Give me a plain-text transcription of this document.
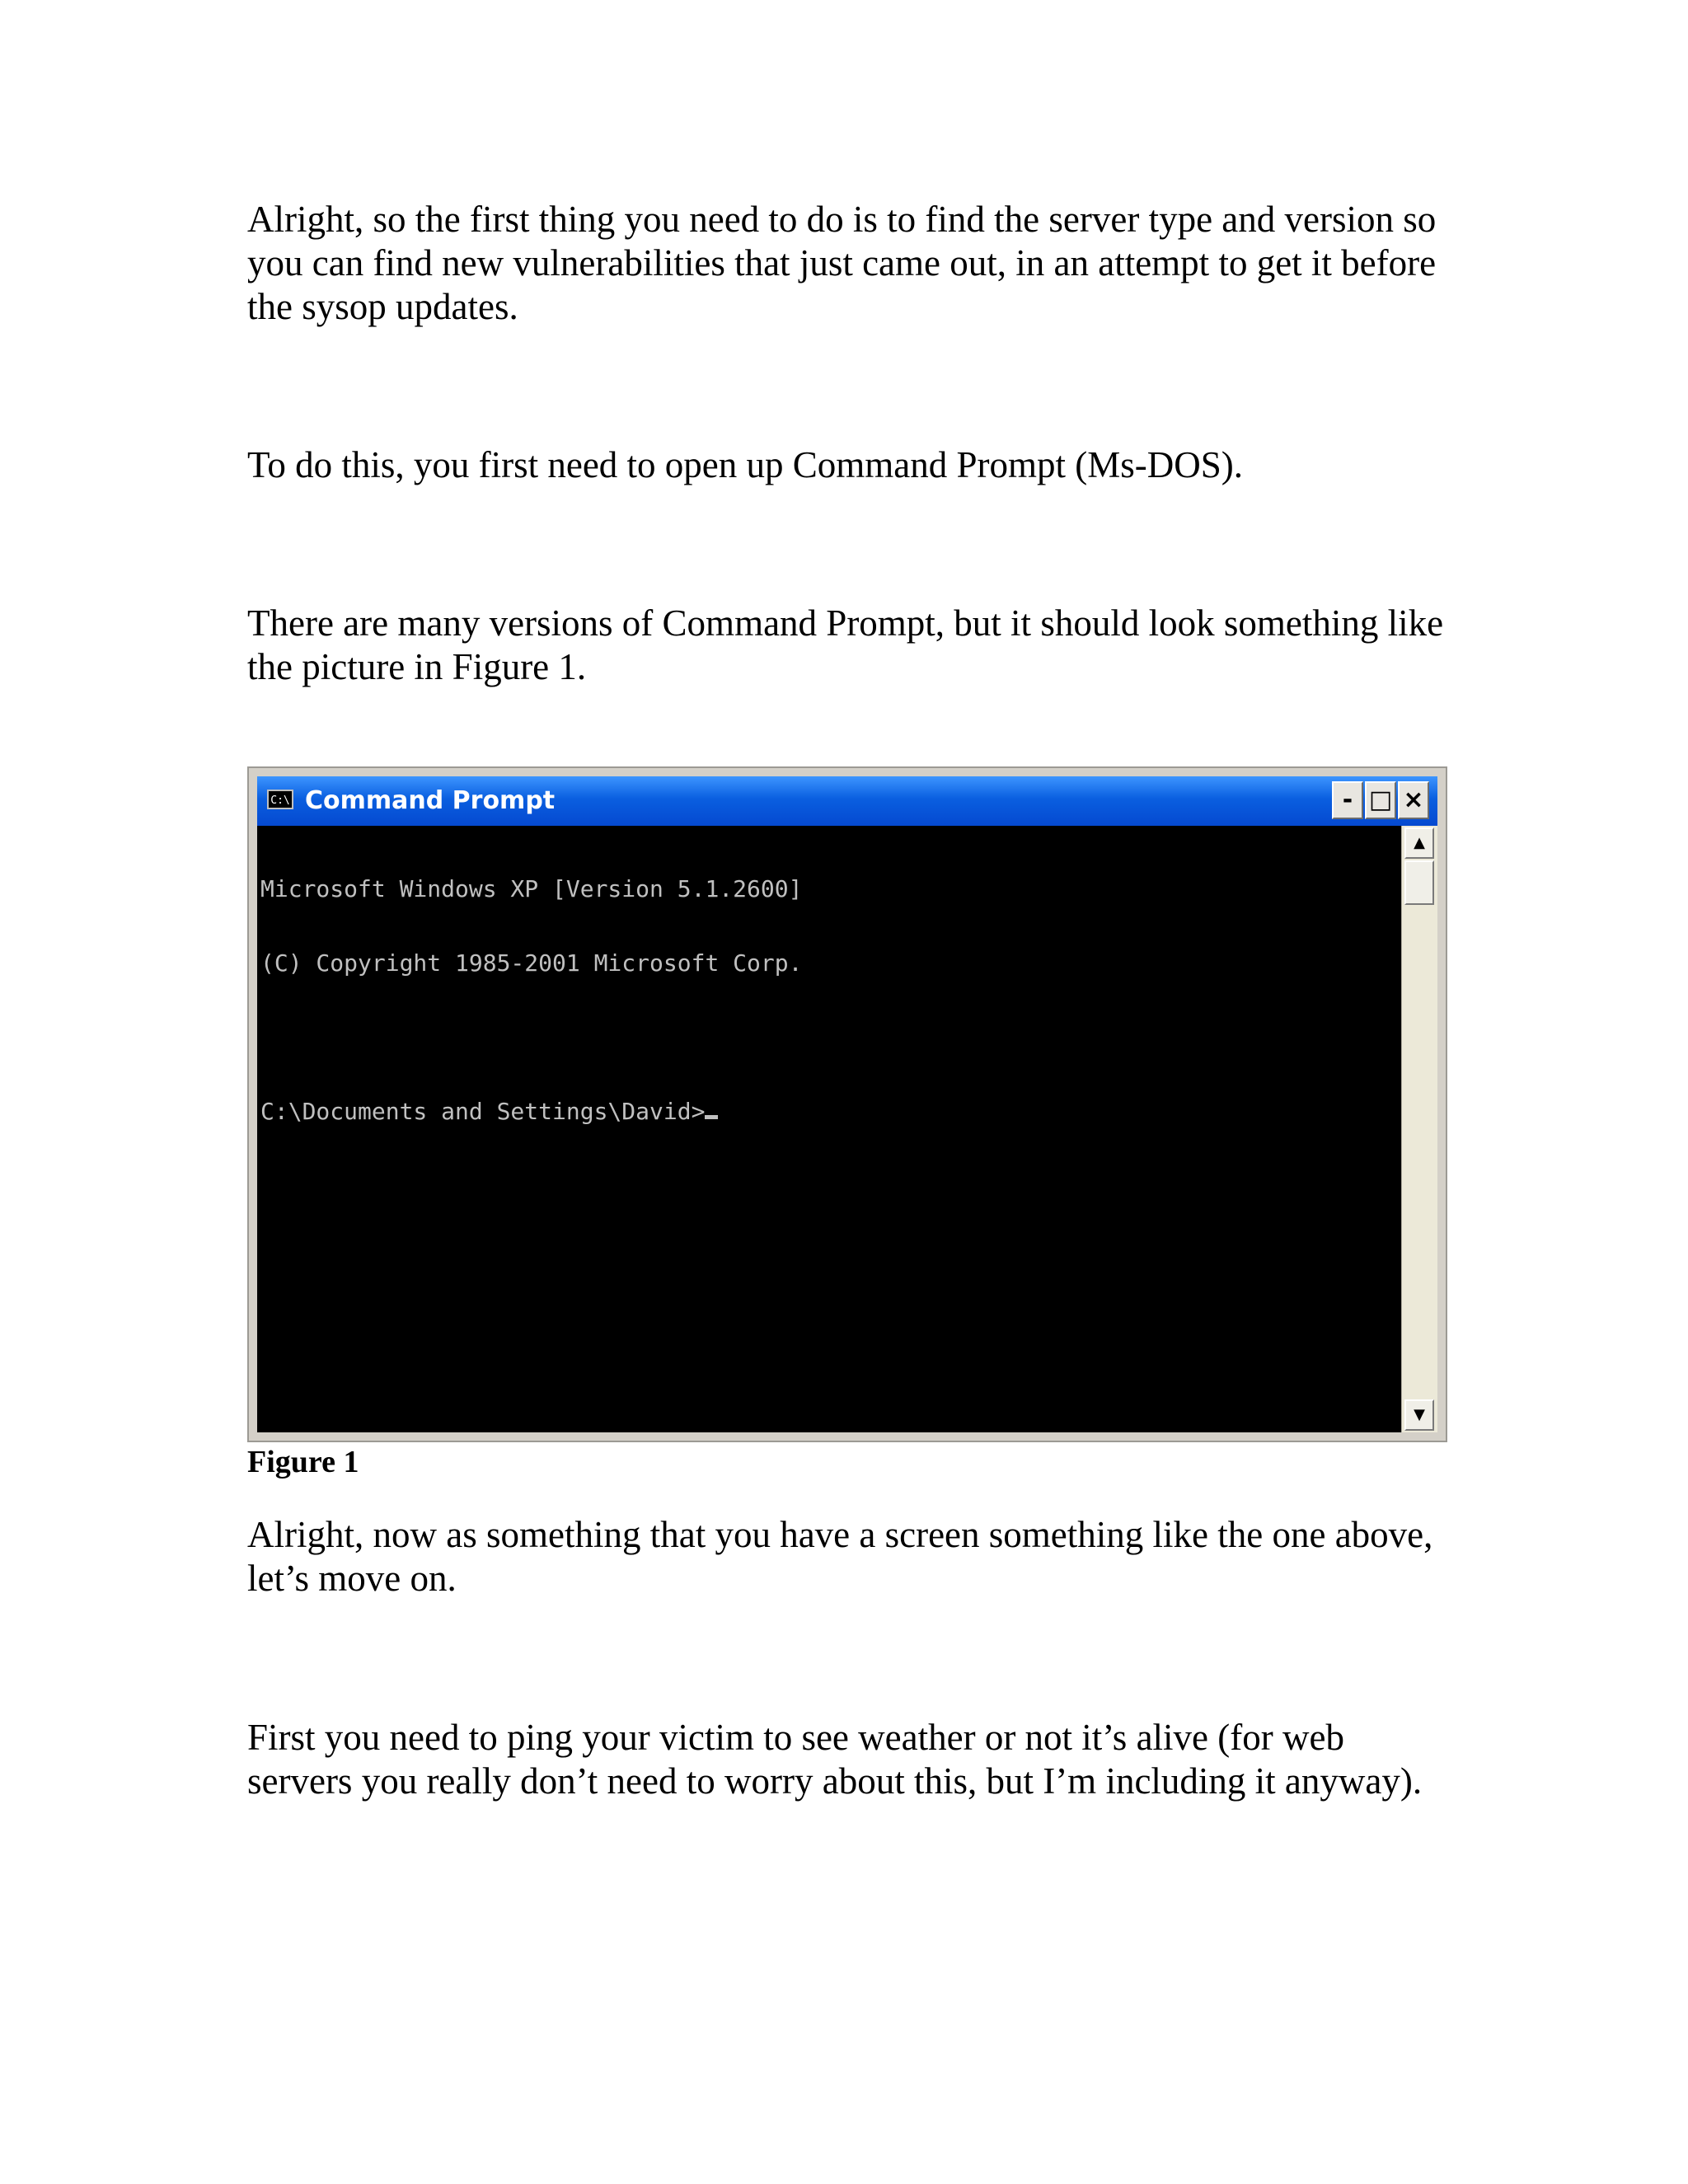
Alright, so the first thing you need to do is to find the server type and version so you can find new vulnerabilities that just came out, in an attempt to get it before the sysop updates.

To do this, you first need to open up Command Prompt (Ms-DOS).

There are many versions of Command Prompt, but it should look something like the picture in Figure 1.

C:\ Command Prompt	- □ ×

Microsoft Windows XP [Version 5.1.2600]

(C) Copyright 1985-2001 Microsoft Corp.

C:\Documents and Settings\David>

▲
▼

Figure 1

Alright, now as something that you have a screen something like the one above, let’s move on.

First you need to ping your victim to see weather or not it’s alive (for web servers you really don’t need to worry about this, but I’m including it anyway).
